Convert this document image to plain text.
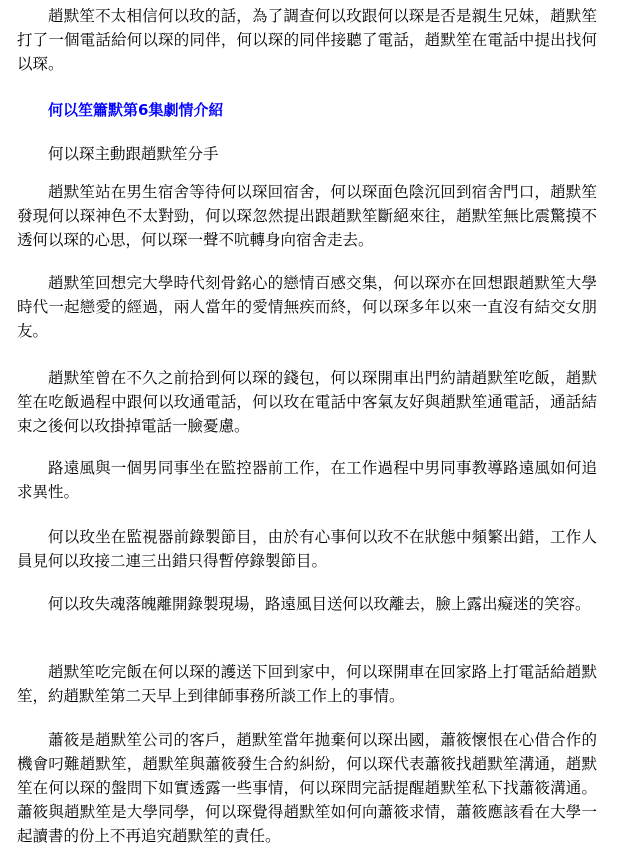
趙默笙不太相信何以玫的話，為了調查何以玫跟何以琛是否是親生兄妹，趙默笙打了一個電話給何以琛的同伴，何以琛的同伴接聽了電話，趙默笙在電話中提出找何以琛。

何以笙簫默第6集劇情介紹

何以琛主動跟趙默笙分手

趙默笙站在男生宿舍等待何以琛回宿舍，何以琛面色陰沉回到宿舍門口，趙默笙發現何以琛神色不太對勁，何以琛忽然提出跟趙默笙斷絕來往，趙默笙無比震驚摸不透何以琛的心思，何以琛一聲不吭轉身向宿舍走去。

趙默笙回想完大學時代刻骨銘心的戀情百感交集，何以琛亦在回想跟趙默笙大學時代一起戀愛的經過，兩人當年的愛情無疾而終，何以琛多年以來一直沒有結交女朋友。

趙默笙曾在不久之前拾到何以琛的錢包，何以琛開車出門約請趙默笙吃飯，趙默笙在吃飯過程中跟何以玫通電話，何以玫在電話中客氣友好與趙默笙通電話，通話結束之後何以玫掛掉電話一臉憂慮。

路遠風與一個男同事坐在監控器前工作，在工作過程中男同事教導路遠風如何追求異性。

何以玫坐在監視器前錄製節目，由於有心事何以玫不在狀態中頻繁出錯，工作人員見何以玫接二連三出錯只得暫停錄製節目。

何以玫失魂落魄離開錄製現場，路遠風目送何以玫離去，臉上露出癡迷的笑容。

趙默笙吃完飯在何以琛的護送下回到家中，何以琛開車在回家路上打電話給趙默笙，約趙默笙第二天早上到律師事務所談工作上的事情。

蕭筱是趙默笙公司的客戶，趙默笙當年拋棄何以琛出國，蕭筱懷恨在心借合作的機會叼難趙默笙，趙默笙與蕭筱發生合約糾紛，何以琛代表蕭筱找趙默笙溝通，趙默笙在何以琛的盤問下如實透露一些事情，何以琛問完話提醒趙默笙私下找蕭筱溝通。蕭筱與趙默笙是大學同學，何以琛覺得趙默笙如何向蕭筱求情，蕭筱應該看在大學一起讀書的份上不再追究趙默笙的責任。
